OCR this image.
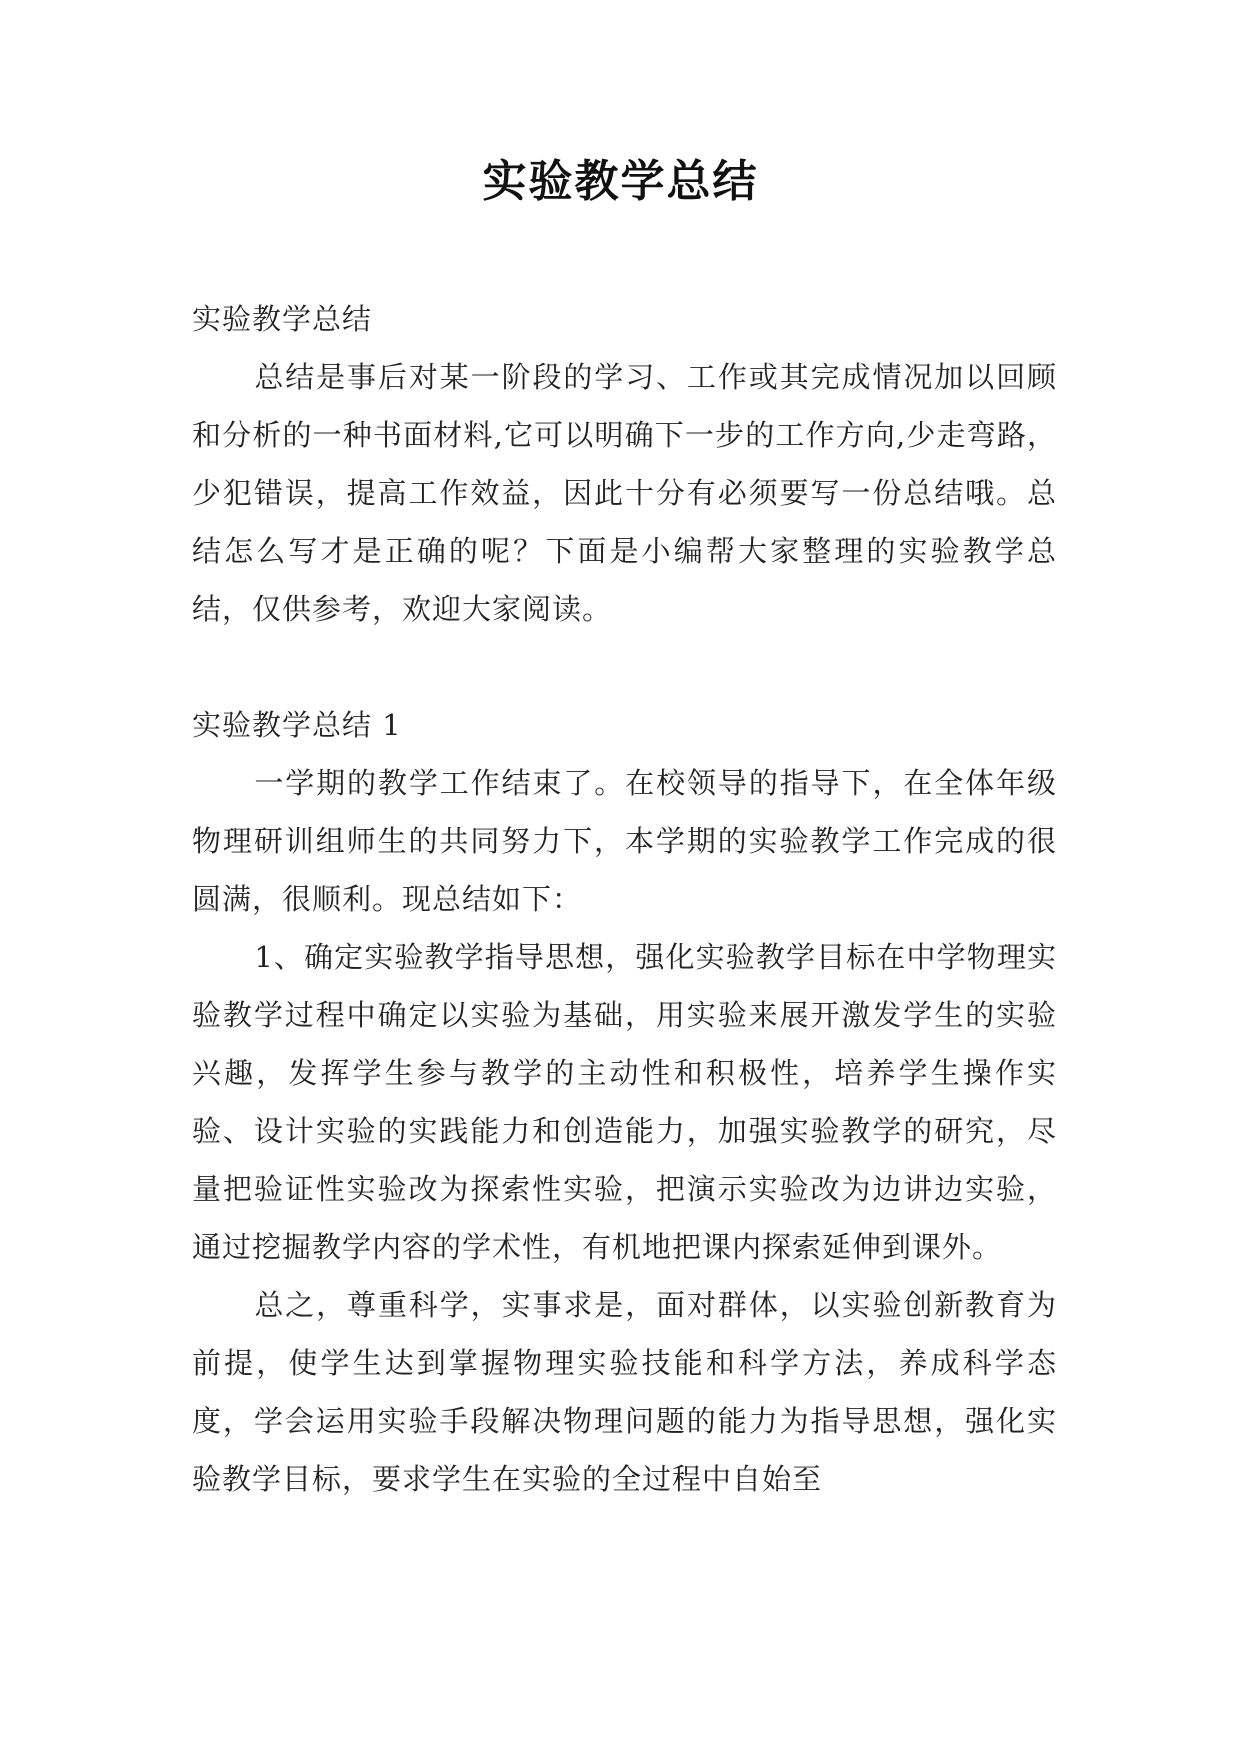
实验教学总结

实验教学总结

总结是事后对某一阶段的学习、工作或其完成情况加以回顾和分析的一种书面材料,它可以明确下一步的工作方向,少走弯路，少犯错误，提高工作效益，因此十分有必须要写一份总结哦。总结怎么写才是正确的呢？下面是小编帮大家整理的实验教学总结，仅供参考，欢迎大家阅读。

实验教学总结 1

一学期的教学工作结束了。在校领导的指导下，在全体年级物理研训组师生的共同努力下，本学期的实验教学工作完成的很圆满，很顺利。现总结如下：

1、确定实验教学指导思想，强化实验教学目标在中学物理实验教学过程中确定以实验为基础，用实验来展开激发学生的实验兴趣，发挥学生参与教学的主动性和积极性，培养学生操作实验、设计实验的实践能力和创造能力，加强实验教学的研究，尽量把验证性实验改为探索性实验，把演示实验改为边讲边实验，通过挖掘教学内容的学术性，有机地把课内探索延伸到课外。

总之，尊重科学，实事求是，面对群体，以实验创新教育为前提，使学生达到掌握物理实验技能和科学方法，养成科学态度，学会运用实验手段解决物理问题的能力为指导思想，强化实验教学目标，要求学生在实验的全过程中自始至
